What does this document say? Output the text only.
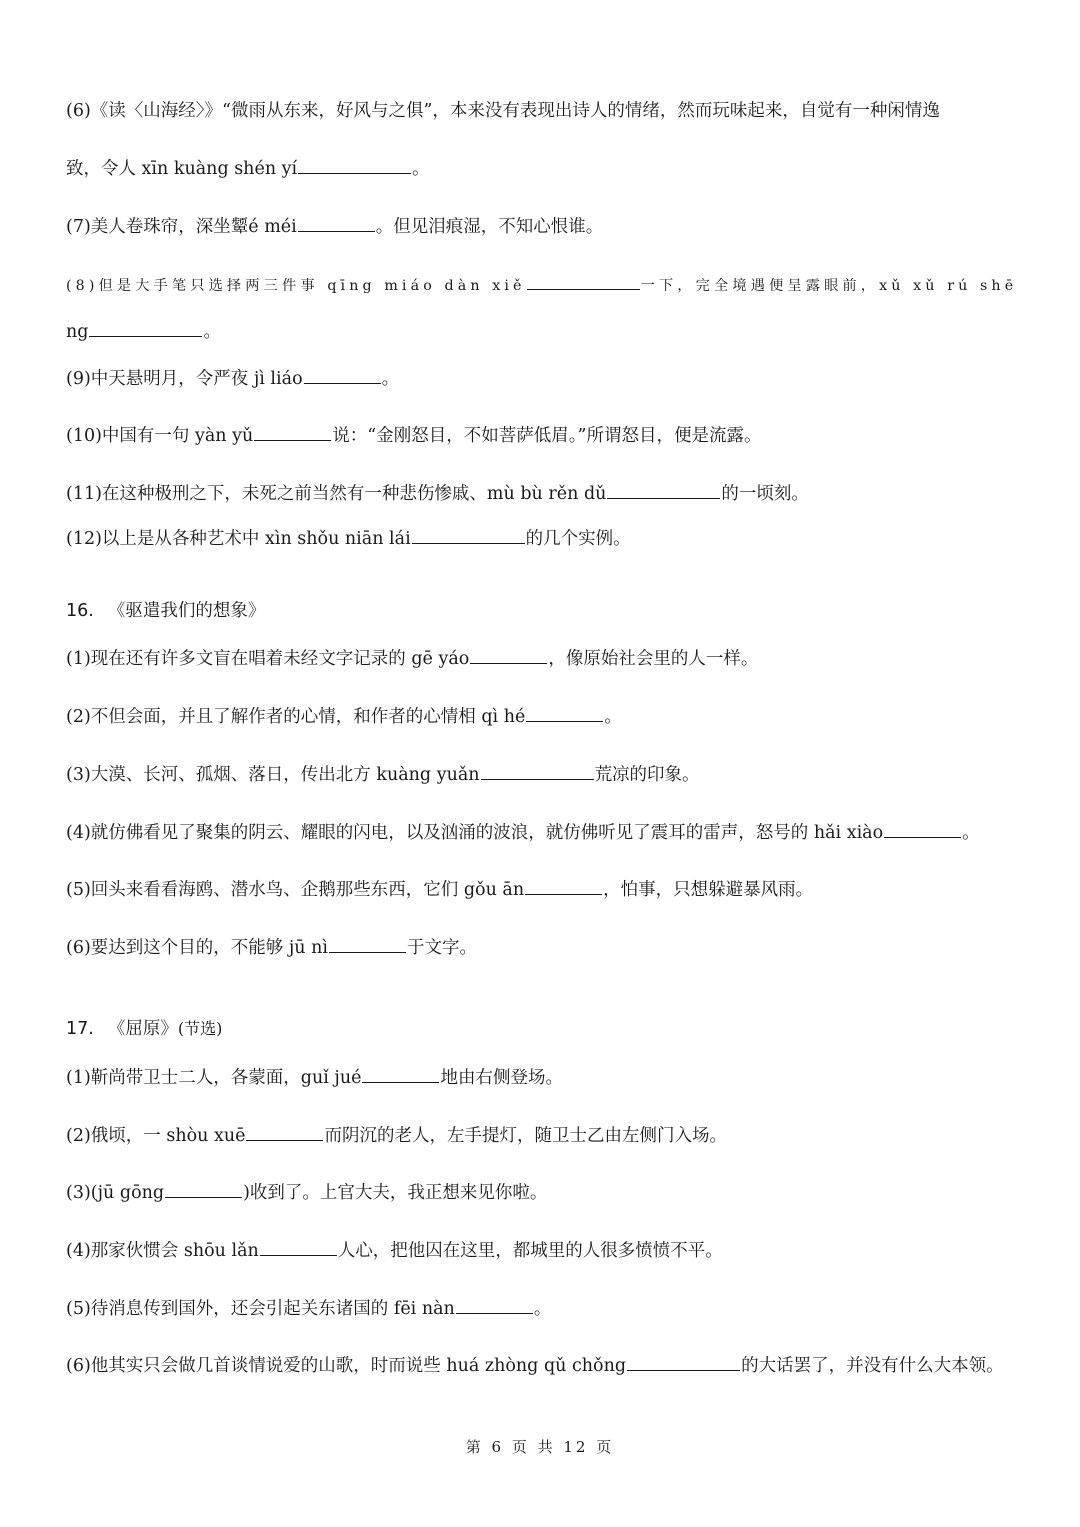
(6)《读〈山海经〉》“微雨从东来，好风与之俱”，本来没有表现出诗人的情绪，然而玩味起来，自觉有一种闲情逸
致，令人 xīn kuàng shén yí	。
(7)美人卷珠帘，深坐颦é méi	。但见泪痕湿，不知心恨谁。
(8)但是大手笔只选择两三件事 qīng miáo dàn xiě	一下，完全境遇便呈露眼前，xǔ xǔ rú shē
ng	。
(9)中天悬明月，令严夜 jì liáo	。
(10)中国有一句 yàn yǔ	说：“金刚怒目，不如菩萨低眉。”所谓怒目，便是流露。
(11)在这种极刑之下，未死之前当然有一种悲伤惨戚、mù bù rěn dǔ	的一顷刻。
(12)以上是从各种艺术中 xìn shǒu niān lái	的几个实例。
16. 《驱遣我们的想象》
(1)现在还有许多文盲在唱着未经文字记录的 gē yáo	，像原始社会里的人一样。
(2)不但会面，并且了解作者的心情，和作者的心情相 qì hé	。
(3)大漠、长河、孤烟、落日，传出北方 kuàng yuǎn	荒凉的印象。
(4)就仿佛看见了聚集的阴云、耀眼的闪电，以及汹涌的波浪，就仿佛听见了震耳的雷声，怒号的 hǎi xiào	。
(5)回头来看看海鸥、潜水鸟、企鹅那些东西，它们 gǒu ān	，怕事，只想躲避暴风雨。
(6)要达到这个目的，不能够 jū nì	于文字。
17. 《屈原》(节选)
(1)靳尚带卫士二人，各蒙面，guǐ jué	地由右侧登场。
(2)俄顷，一 shòu xuē	而阴沉的老人，左手提灯，随卫士乙由左侧门入场。
(3)(jū gōng	)收到了。上官大夫，我正想来见你啦。
(4)那家伙惯会 shōu lǎn	人心，把他囚在这里，都城里的人很多愤愤不平。
(5)待消息传到国外，还会引起关东诸国的 fēi nàn	。
(6)他其实只会做几首谈情说爱的山歌，时而说些 huá zhòng qǔ chǒng	的大话罢了，并没有什么大本领。
第 6 页 共 12 页
